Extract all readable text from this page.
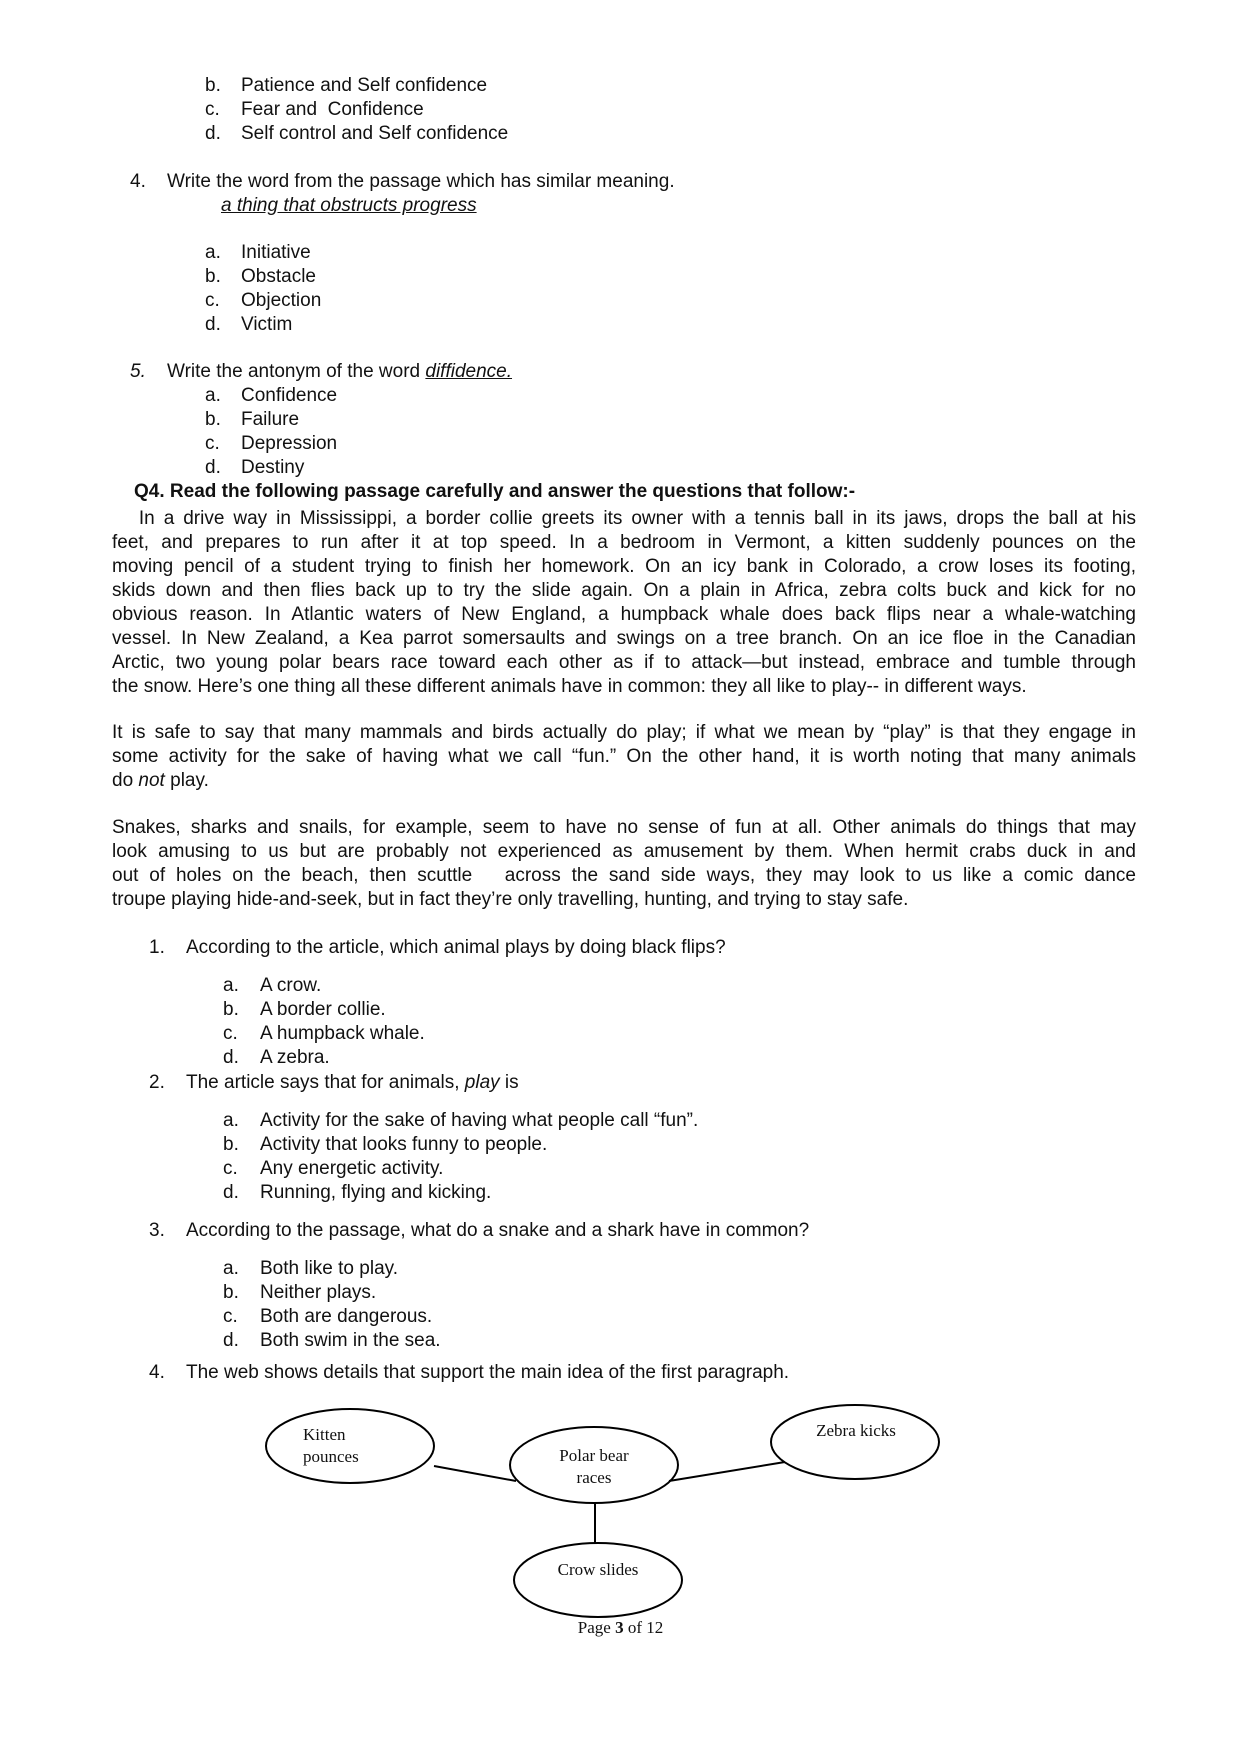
b. Patience and Self confidence
c. Fear and  Confidence
d. Self control and Self confidence
4. Write the word from the passage which has similar meaning.
a thing that obstructs progress
a. Initiative
b. Obstacle
c. Objection
d. Victim
5. Write the antonym of the word diffidence.
a. Confidence
b. Failure
c. Depression
d. Destiny
Q4. Read the following passage carefully and answer the questions that follow:-
In a drive way in Mississippi, a border collie greets its owner with a tennis ball in its jaws, drops the ball at his
feet, and prepares to run after it at top speed. In a bedroom in Vermont, a kitten suddenly pounces on the
moving pencil of a student trying to finish her homework. On an icy bank in Colorado, a crow loses its footing,
skids down and then flies back up to try the slide again. On a plain in Africa, zebra colts buck and kick for no
obvious reason. In Atlantic waters of New England, a humpback whale does back flips near a whale-watching
vessel. In New Zealand, a Kea parrot somersaults and swings on a tree branch. On an ice floe in the Canadian
Arctic, two young polar bears race toward each other as if to attack—but instead, embrace and tumble through
the snow. Here’s one thing all these different animals have in common: they all like to play-- in different ways.
It is safe to say that many mammals and birds actually do play; if what we mean by “play” is that they engage in
some activity for the sake of having what we call “fun.” On the other hand, it is worth noting that many animals
do not play.
Snakes, sharks and snails, for example, seem to have no sense of fun at all. Other animals do things that may
look amusing to us but are probably not experienced as amusement by them. When hermit crabs duck in and
out of holes on the beach, then scuttle   across the sand side ways, they may look to us like a comic dance
troupe playing hide-and-seek, but in fact they’re only travelling, hunting, and trying to stay safe.
1. According to the article, which animal plays by doing black flips?
a. A crow.
b. A border collie.
c. A humpback whale.
d. A zebra.
2. The article says that for animals, play is
a. Activity for the sake of having what people call “fun”.
b. Activity that looks funny to people.
c. Any energetic activity.
d. Running, flying and kicking.
3. According to the passage, what do a snake and a shark have in common?
a. Both like to play.
b. Neither plays.
c. Both are dangerous.
d. Both swim in the sea.
4. The web shows details that support the main idea of the first paragraph.
Kitten
pounces	Polar bear
races
Zebra kicks
Crow slides
Page 3 of 12
